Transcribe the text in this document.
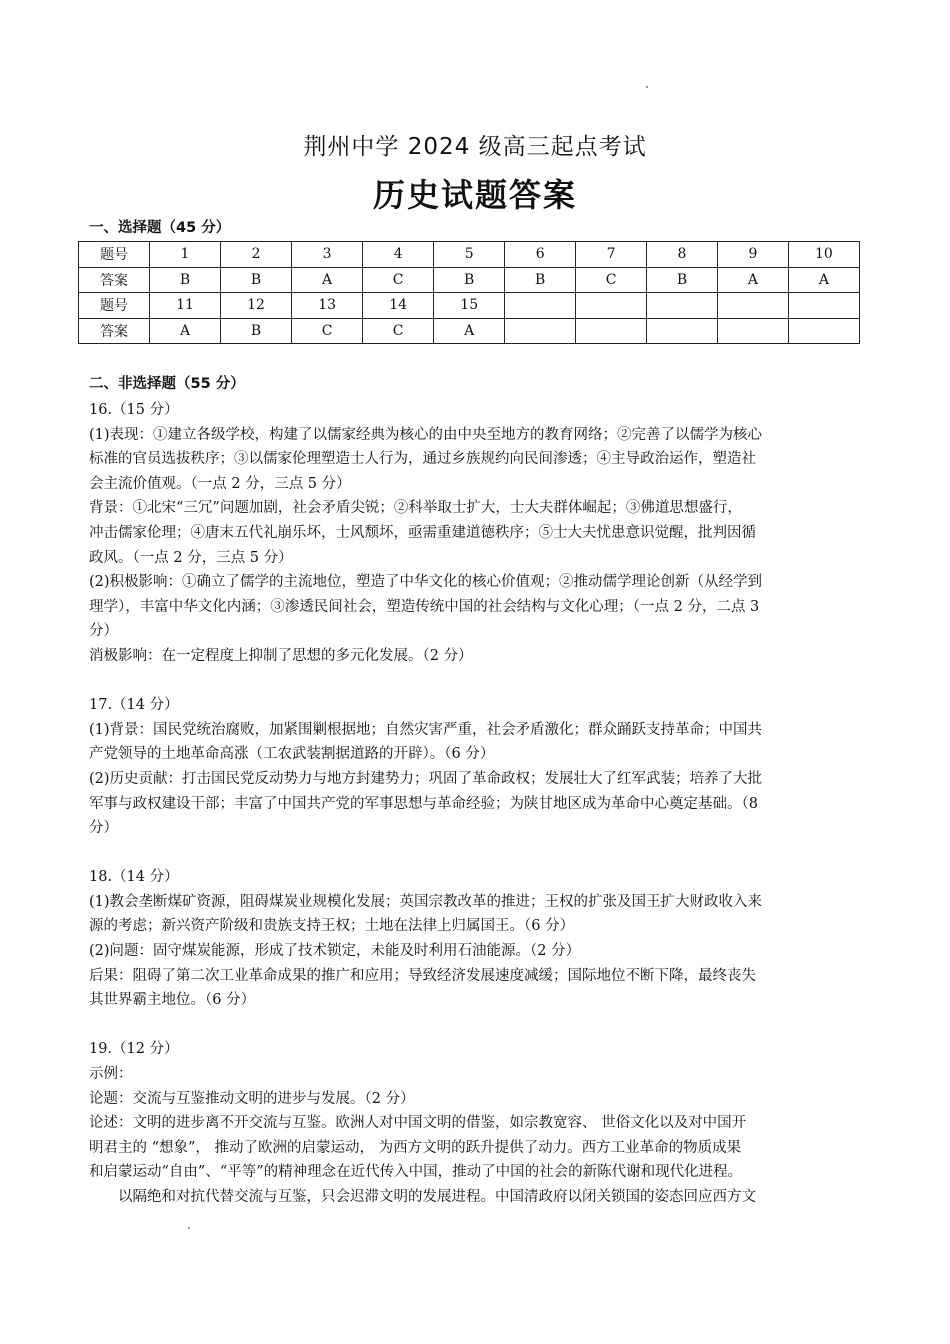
荆州中学 2024 级高三起点考试
历史试题答案
一、选择题（45 分）
题号	1	2	3	4	5	6	7	8	9	10
答案	B	B	A	C	B	B	C	B	A	A
题号	11	12	13	14	15					
答案	A	B	C	C	A					
二、非选择题（55 分）

16.（15 分）

(1)表现：①建立各级学校，构建了以儒家经典为核心的由中央至地方的教育网络；②完善了以儒学为核心

标准的官员选拔秩序；③以儒家伦理塑造士人行为，通过乡族规约向民间渗透；④主导政治运作，塑造社

会主流价值观。（一点 2 分，三点 5 分）

背景：①北宋“三冗”问题加剧，社会矛盾尖锐；②科举取士扩大，士大夫群体崛起；③佛道思想盛行，

冲击儒家伦理；④唐末五代礼崩乐坏，士风颓坏，亟需重建道德秩序；⑤士大夫忧患意识觉醒，批判因循

政风。（一点 2 分，三点 5 分）

(2)积极影响：①确立了儒学的主流地位，塑造了中华文化的核心价值观；②推动儒学理论创新（从经学到

理学），丰富中华文化内涵；③渗透民间社会，塑造传统中国的社会结构与文化心理；（一点 2 分，二点 3

分）

消极影响：在一定程度上抑制了思想的多元化发展。（2 分）

17.（14 分）

(1)背景：国民党统治腐败，加紧围剿根据地；自然灾害严重，社会矛盾激化；群众踊跃支持革命；中国共

产党领导的土地革命高涨（工农武装割据道路的开辟）。（6 分）

(2)历史贡献：打击国民党反动势力与地方封建势力；巩固了革命政权；发展壮大了红军武装；培养了大批

军事与政权建设干部；丰富了中国共产党的军事思想与革命经验；为陕甘地区成为革命中心奠定基础。（8

分）

18.（14 分）

(1)教会垄断煤矿资源，阻碍煤炭业规模化发展；英国宗教改革的推进；王权的扩张及国王扩大财政收入来

源的考虑；新兴资产阶级和贵族支持王权；土地在法律上归属国王。（6 分）

(2)问题：固守煤炭能源，形成了技术锁定，未能及时利用石油能源。（2 分）

后果：阻碍了第二次工业革命成果的推广和应用；导致经济发展速度减缓；国际地位不断下降，最终丧失

其世界霸主地位。（6 分）

19.（12 分）

示例：

论题：交流与互鉴推动文明的进步与发展。（2 分）

论述：文明的进步离不开交流与互鉴。欧洲人对中国文明的借鉴，如宗教宽容、 世俗文化以及对中国开

明君主的 “想象”， 推动了欧洲的启蒙运动， 为西方文明的跃升提供了动力。西方工业革命的物质成果

和启蒙运动“自由”、“平等”的精神理念在近代传入中国，推动了中国的社会的新陈代谢和现代化进程。

以隔绝和对抗代替交流与互鉴，只会迟滞文明的发展进程。中国清政府以闭关锁国的姿态回应西方文
